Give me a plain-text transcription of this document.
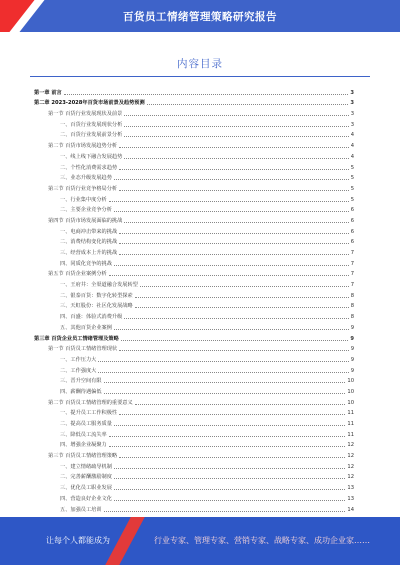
百货员工情绪管理策略研究报告
内容目录
第一章 前言	3
第二章 2023-2028年百货市场前景及趋势预测	3
第一节 百货行业发展现状及前景	3
一、百货行业发展现状分析	3
二、百货行业发展前景分析	4
第二节 百货市场发展趋势分析	4
一、线上线下融合发展趋势	4
二、个性化消费需求趋势	5
三、业态升级发展趋势	5
第三节 百货行业竞争格局分析	5
一、行业集中度分析	5
二、主要企业竞争分析	6
第四节 百货市场发展面临的挑战	6
一、电商冲击带来的挑战	6
二、消费结构变化的挑战	6
三、经营成本上升的挑战	7
四、同质化竞争的挑战	7
第五节 百货企业案例分析	7
一、王府井：全渠道融合发展转型	7
二、银泰百货：数字化转型探索	8
三、天虹股份：社区化发展战略	8
四、百盛：体验式消费升级	8
五、其他百货企业案例	9
第三章 百货企业员工情绪管理及策略	9
第一节 百货员工情绪管理现状	9
一、工作压力大	9
二、工作强度大	9
三、晋升空间有限	10
四、薪酬待遇偏低	10
第二节 百货员工情绪管理的重要意义	10
一、提升员工工作积极性	11
二、提高员工服务质量	11
三、降低员工流失率	11
四、增强企业凝聚力	12
第三节 百货员工情绪管理策略	12
一、建立情绪疏导机制	12
二、完善薪酬激励制度	12
三、优化员工职业发展	13
四、营造良好企业文化	13
五、加强员工培训	14
让每个人都能成为	行业专家、管理专家、营销专家、战略专家、成功企业家……
